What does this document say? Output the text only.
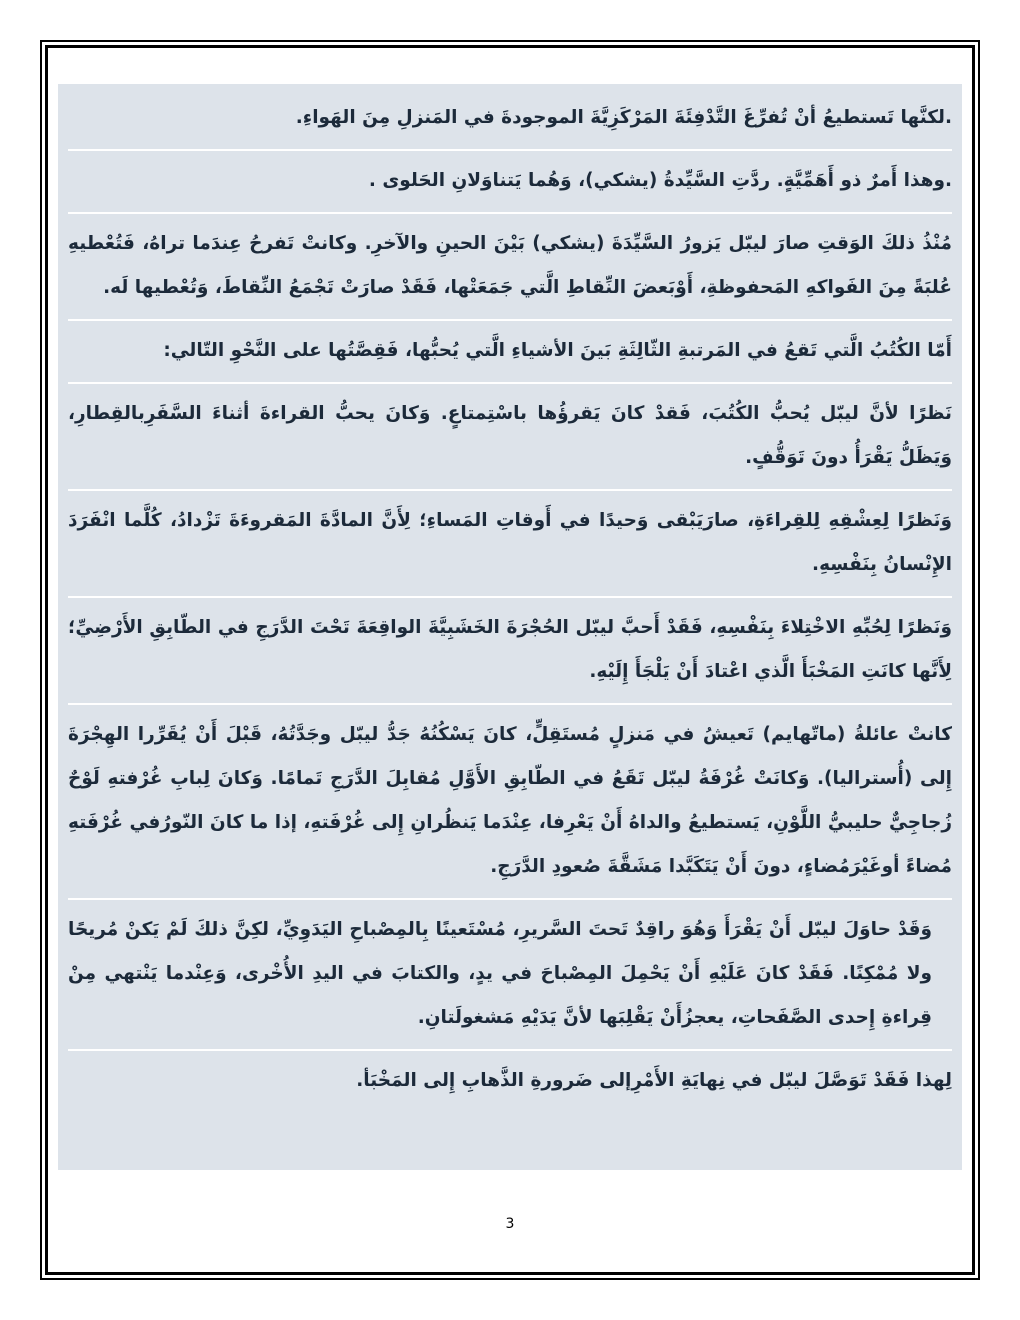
.لكنَّها تَستطيعُ أنْ تُفرِّغَ التَّدْفِئَةَ المَرْكَزِيَّةَ الموجودةَ في المَنزلِ مِنَ الهَواءِ.

.وهذا أَمرٌ ذو أَهَمِّيَّةٍ. ردَّتِ السَّيِّدةُ (يشكي)، وَهُما يَتناوَلانِ الحَلوى .

مُنْذُ ذلكَ الوَقتِ صارَ ليبّل يَزورُ السَّيِّدَةَ (يشكي) بَيْنَ الحينِ والآخرِ. وكانتْ تَفرحُ عِندَما تراهُ، فَتُعْطيهِ عُلبَةً مِنَ الفَواكهِ المَحفوظةِ، أَوْبَعضَ النِّقاطِ الَّتي جَمَعَتْها، فَقَدْ صارَتْ تَجْمَعُ النِّقاطَ، وَتُعْطيها لَه.

أَمّا الكُتُبُ الَّتي تَقعُ في المَرتبةِ الثّالِثَةِ بَينَ الأشياءِ الَّتي يُحبُّها، فَقِصَّتُها على النَّحْوِ التّالي:

نَظرًا لأنَّ ليبّل يُحبُّ الكُتُبَ، فَقدْ كانَ يَقرؤُها باسْتِمتاعٍ. وَكانَ يحبُّ القراءةَ أثناءَ السَّفَرِبالقِطارِ، وَيَظَلُّ يَقْرَأُ دونَ تَوَقُّفٍ.

وَنَظرًا لِعِشْقِهِ لِلقِراءَةِ، صارَيَبْقى وَحيدًا في أَوقاتِ المَساءِ؛ لِأَنَّ المادَّةَ المَقروءَةَ تَزْدادُ، كُلَّما انْفَرَدَ الإِنْسانُ بِنَفْسِهِ.

وَنَظرًا لِحُبِّهِ الاخْتِلاءَ بِنَفْسِهِ، فَقَدْ أَحبَّ ليبّل الحُجْرَةَ الخَشَبِيَّةَ الواقِعَةَ تَحْتَ الدَّرَجِ في الطّابِقِ الأَرْضِيِّ؛ لِأَنَّها كانَتِ المَخْبَأَ الَّذي اعْتادَ أَنْ يَلْجَأَ إِلَيْهِ.

كانتْ عائلةُ (ماتّهايم) تَعيشُ في مَنزلٍ مُستَقِلٍّ، كانَ يَسْكُنُهُ جَدُّ ليبّل وجَدَّتُهُ، قَبْلَ أَنْ يُقَرِّرا الهِجْرَةَ إِلى (أُستراليا). وَكانَتْ غُرْفَةُ ليبّل تَقَعُ في الطّابِقِ الأَوَّلِ مُقابِلَ الدَّرَجِ تَمامًا. وَكانَ لِبابِ غُرْفتهِ لَوْحٌ زُجاجِيٌّ حليبيُّ اللَّوْنِ، يَستطيعُ والداهُ أَنْ يَعْرِفا، عِنْدَما يَنظُرانِ إِلى غُرْفَتهِ، إذا ما كانَ النّورُفي غُرْفَتهِ مُضاءً أوغَيْرَمُضاءٍ، دونَ أَنْ يَتَكَبَّدا مَشَقَّةَ صُعودِ الدَّرَجِ.

وَقَدْ حاوَلَ ليبّل أَنْ يَقْرَأَ وَهُوَ راقِدٌ تَحتَ السَّريرِ، مُسْتَعينًا بِالمِصْباحِ اليَدَوِيِّ، لكِنَّ ذلكَ لَمْ يَكنْ مُريحًا ولا مُمْكِنًا. فَقَدْ كانَ عَلَيْهِ أَنْ يَحْمِلَ المِصْباحَ في يدٍ، والكتابَ في اليدِ الأُخْرى، وَعِنْدما يَنْتهي مِنْ قِراءةِ إِحدى الصَّفَحاتِ، يعجزُأَنْ يَقْلِبَها لأنَّ يَدَيْهِ مَشغولَتانِ.

لِهذا فَقَدْ تَوَصَّلَ ليبّل في نِهايَةِ الأَمْرِإلى ضَرورةِ الذَّهابِ إِلى المَخْبَأ.

3
